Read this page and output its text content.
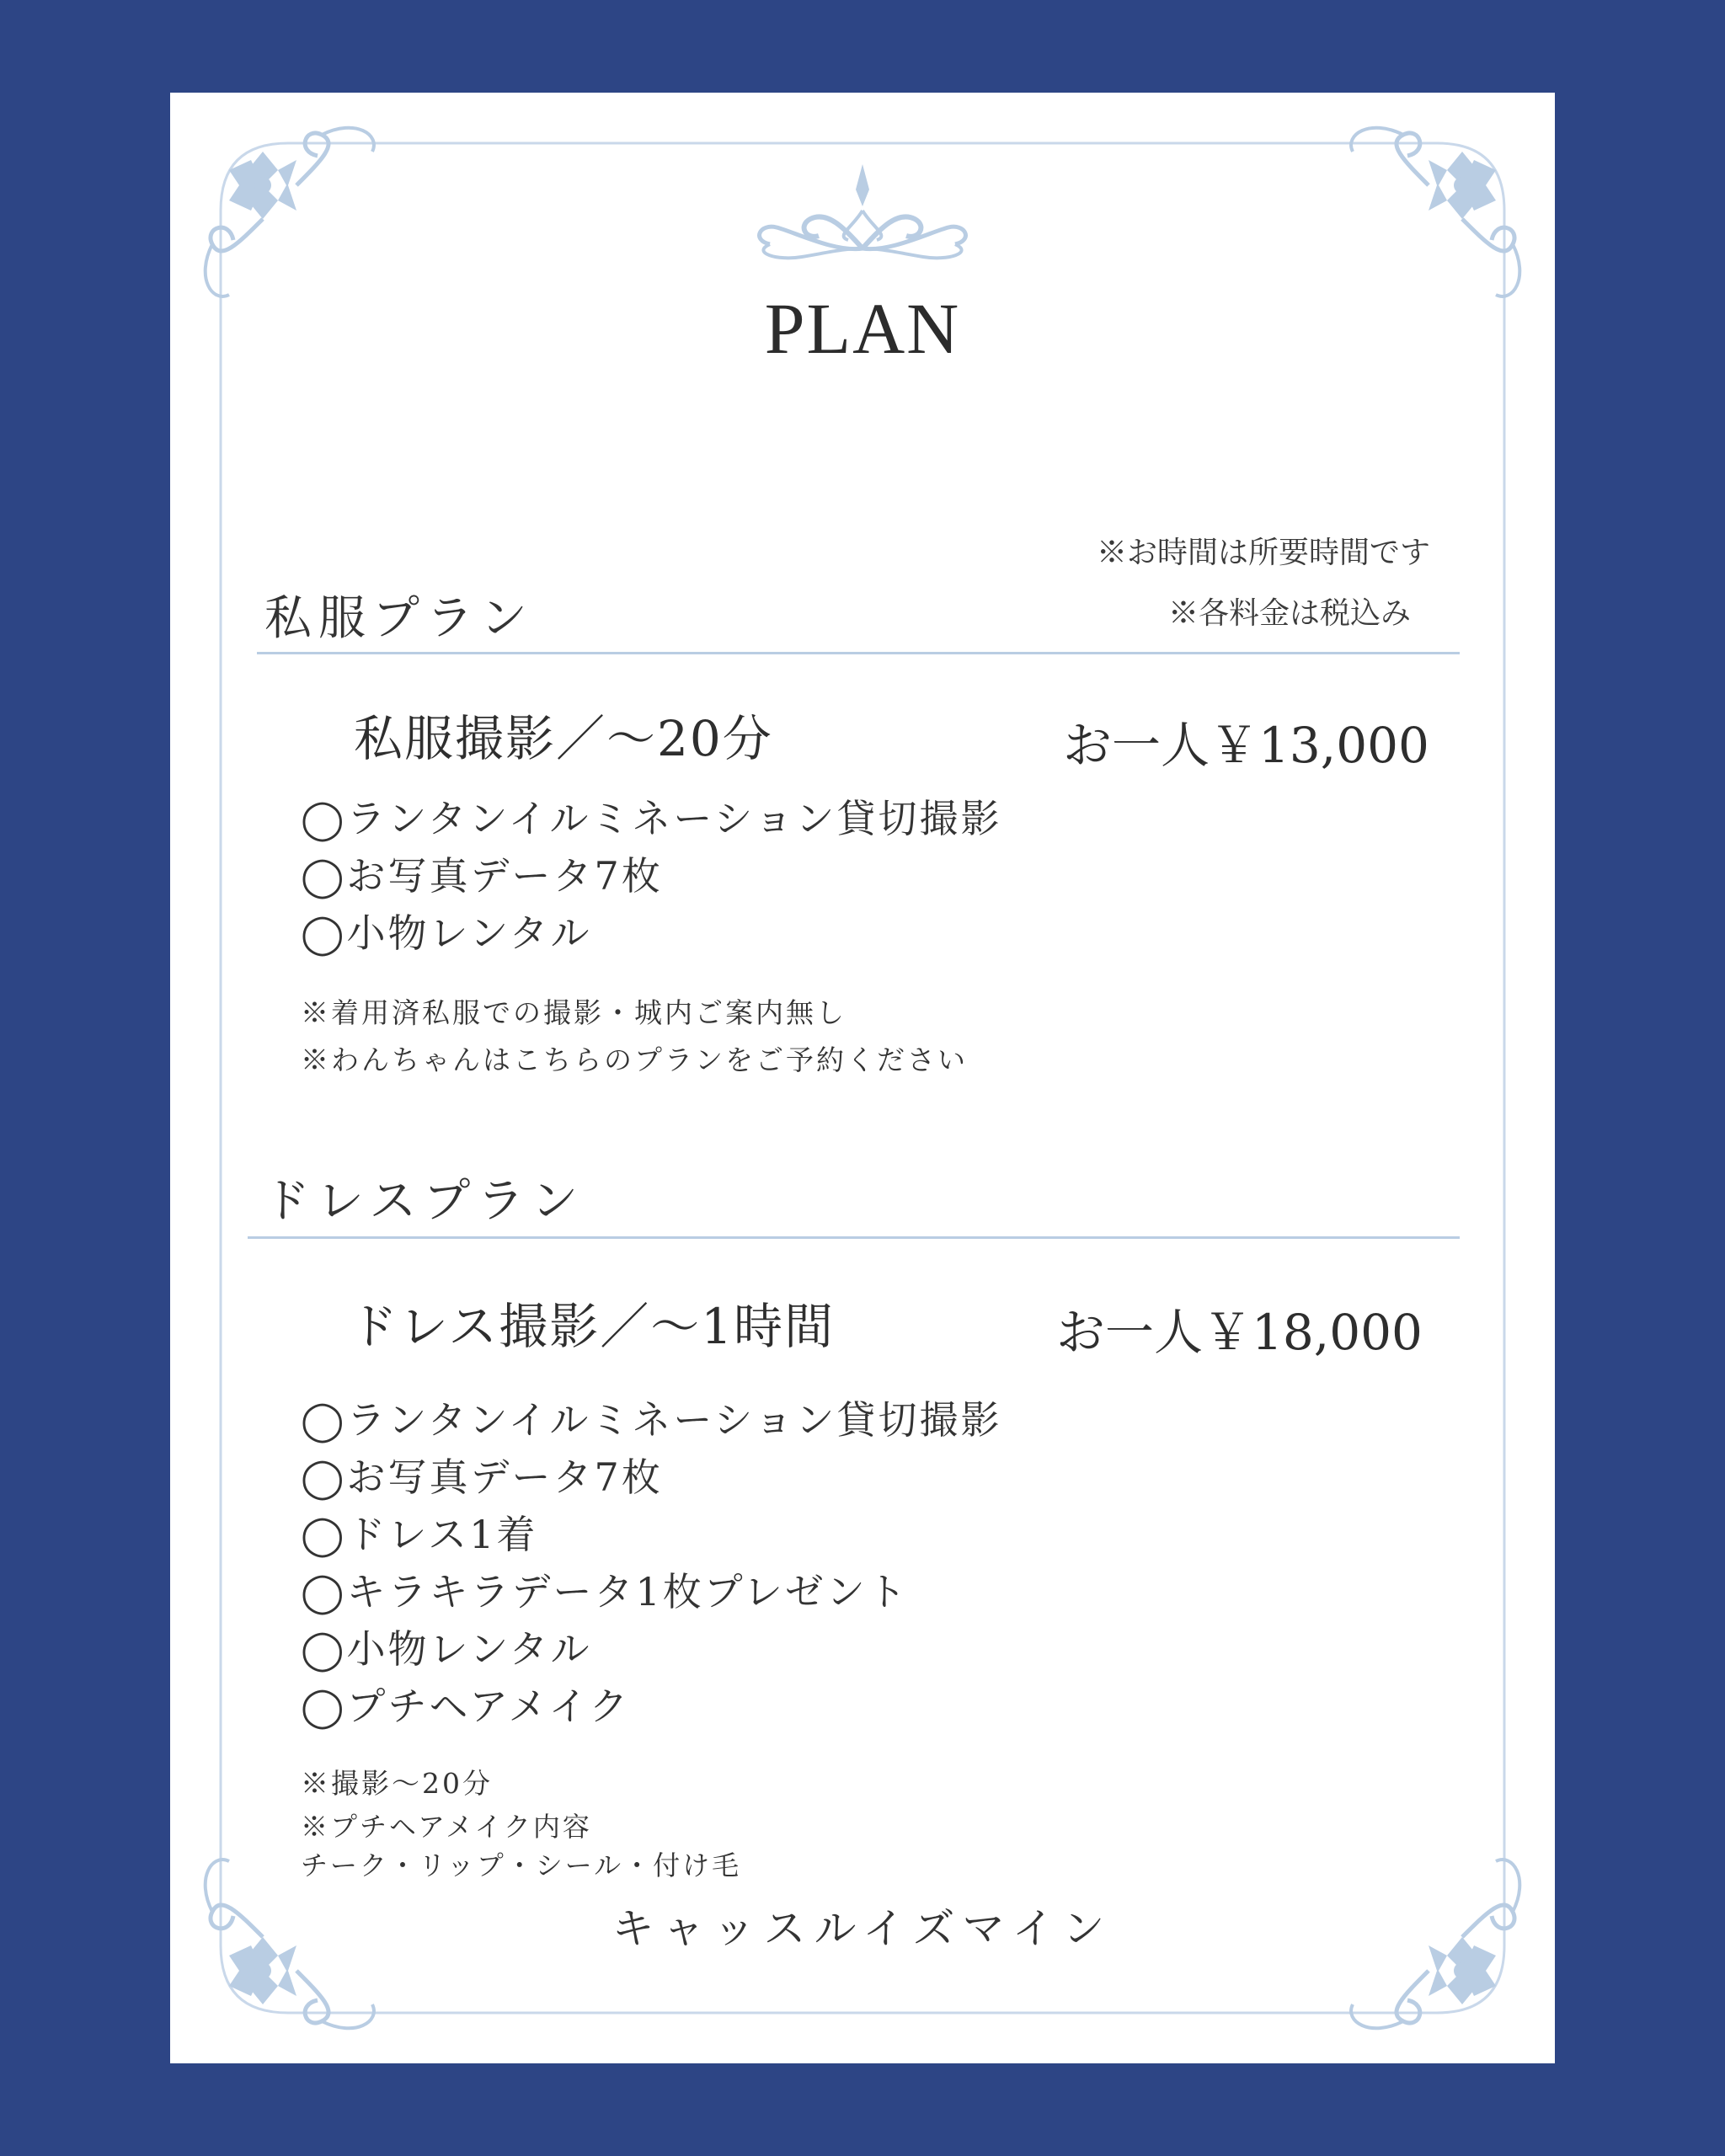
PLAN
※お時間は所要時間です
※各料金は税込み
私服プラン
私服撮影／～20分	お一人￥13,000
◯ランタンイルミネーション貸切撮影
◯お写真データ7枚
◯小物レンタル
※着用済私服での撮影・城内ご案内無し
※わんちゃんはこちらのプランをご予約ください
ドレスプラン
ドレス撮影／～1時間	お一人￥18,000
◯ランタンイルミネーション貸切撮影
◯お写真データ7枚
◯ドレス1着
◯キラキラデータ1枚プレゼント
◯小物レンタル
◯プチヘアメイク
※撮影～20分
※プチヘアメイク内容
チーク・リップ・シール・付け毛
キャッスルイズマイン
